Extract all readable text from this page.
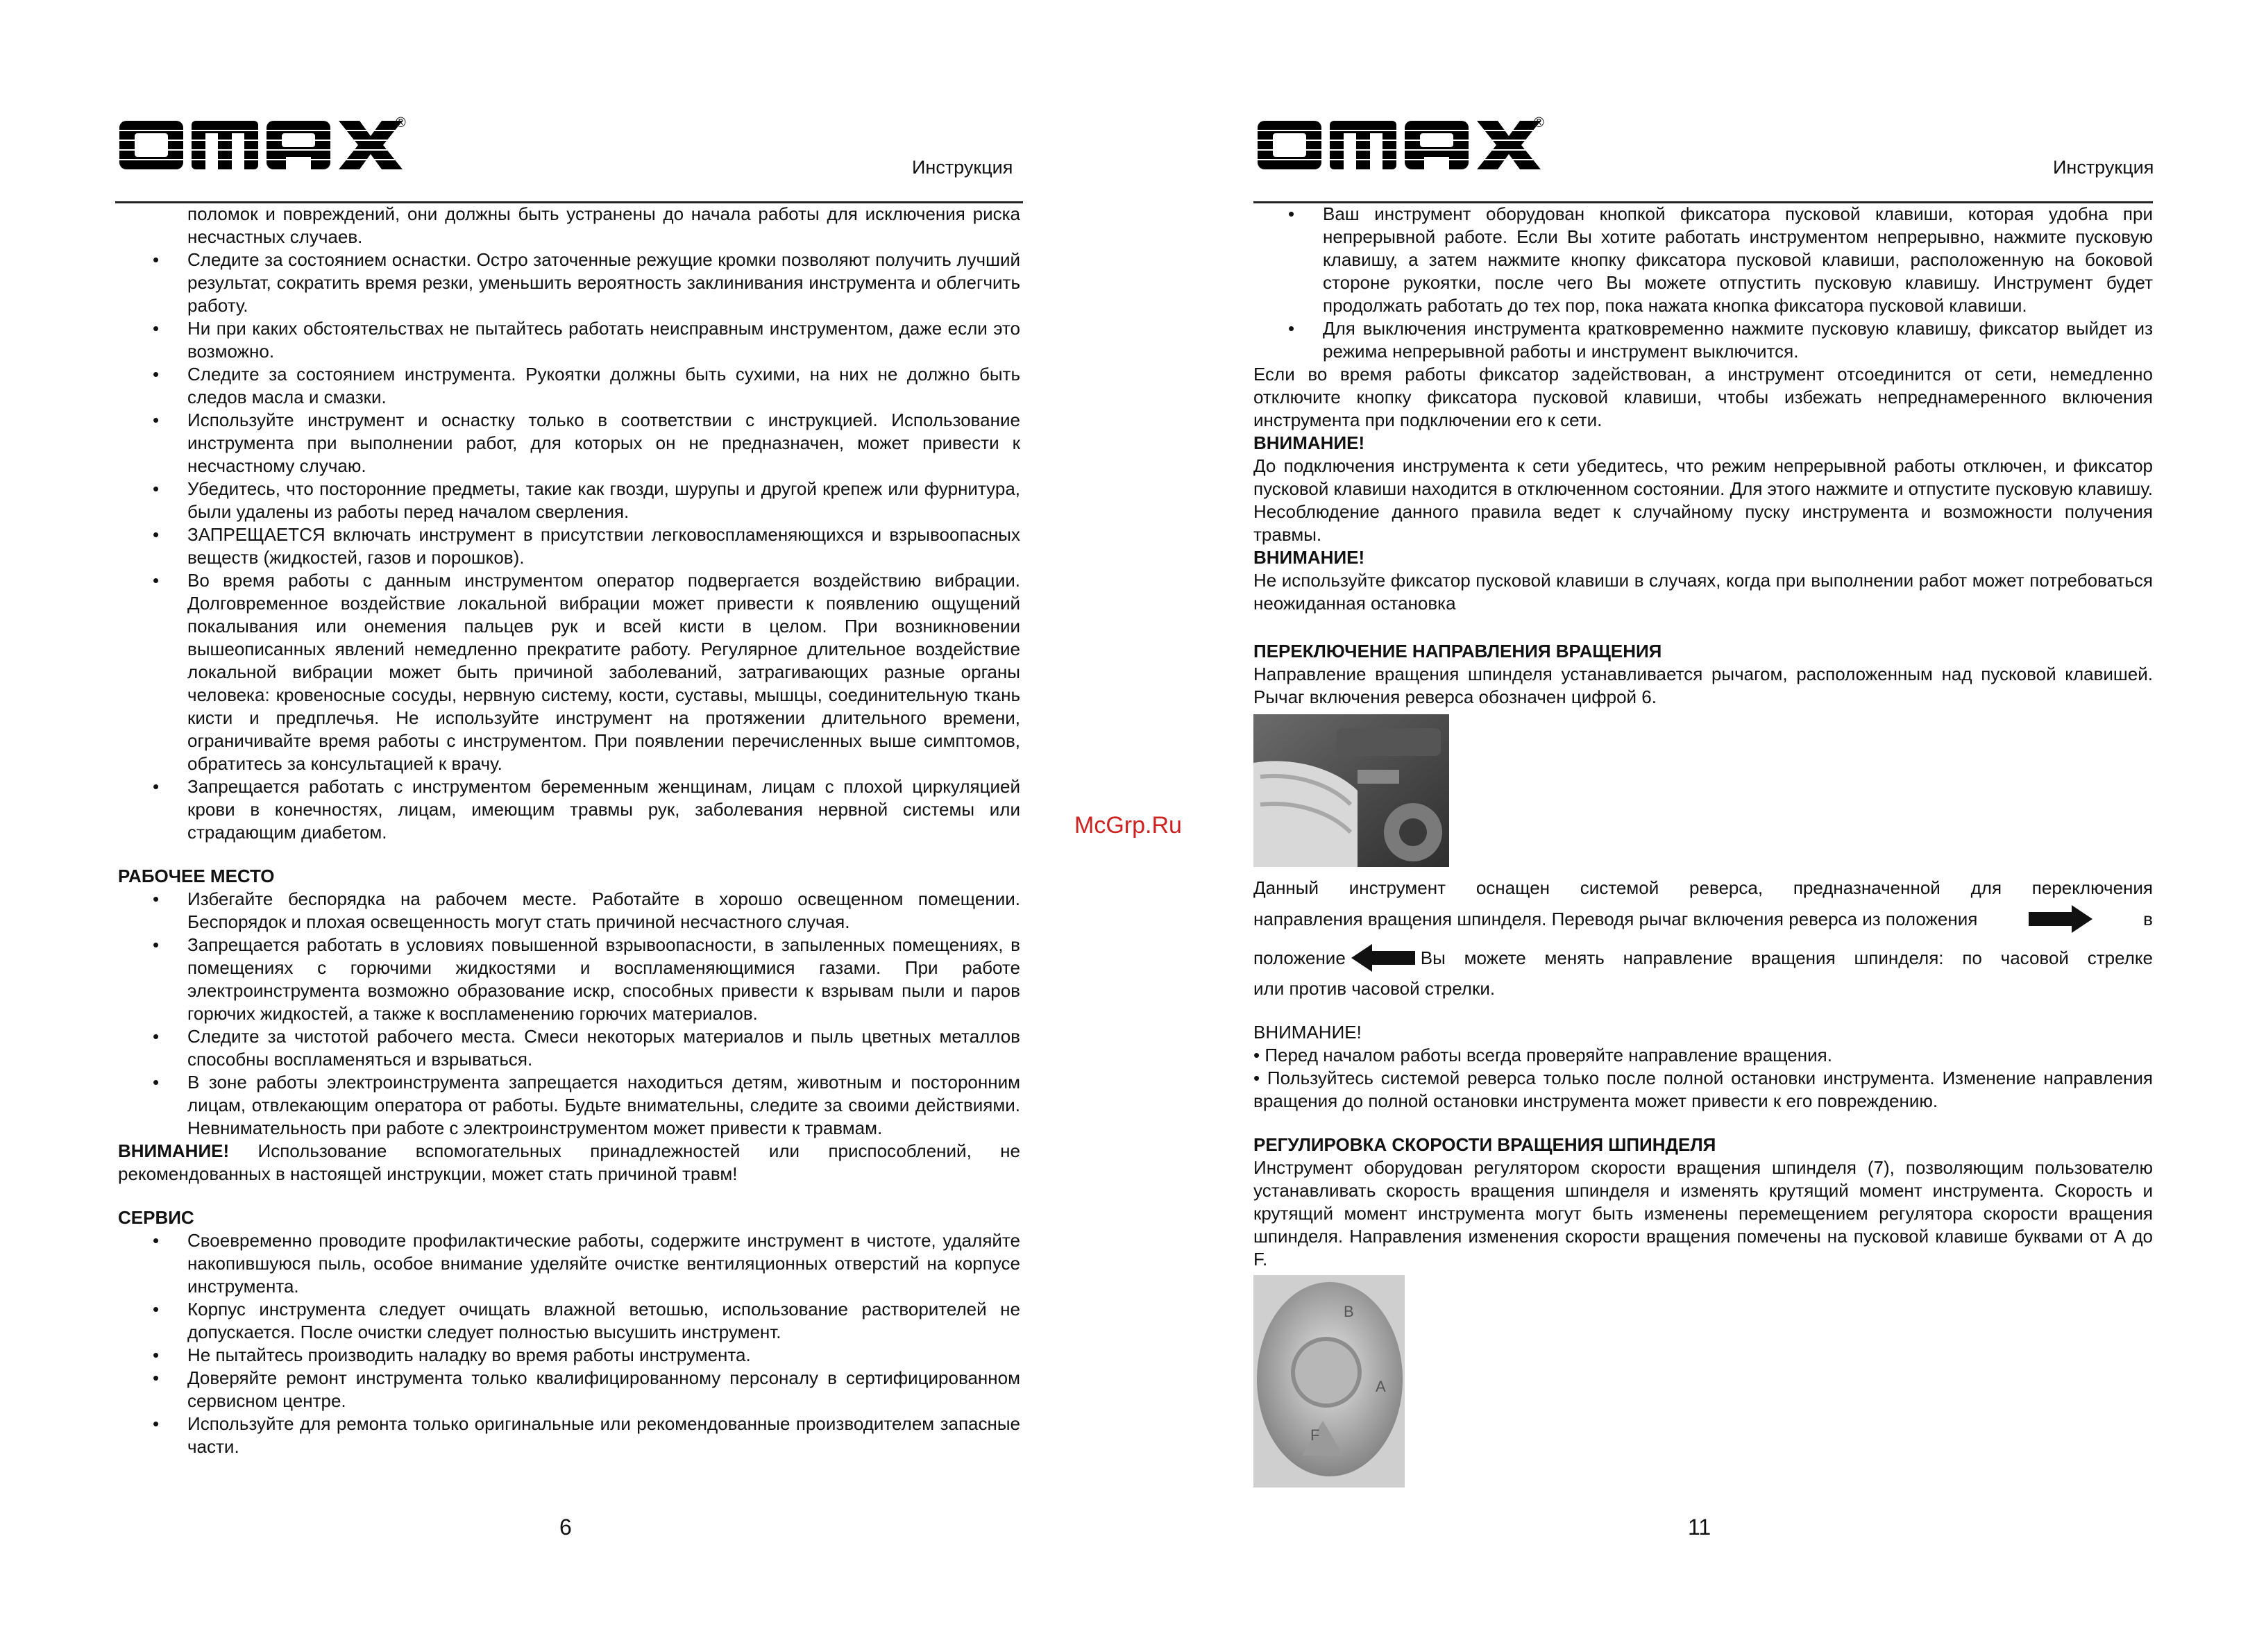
OMAX
®
Инструкция

поломок и повреждений, они должны быть устранены до начала работы для исключения риска несчастных случаев.

• Следите за состоянием оснастки. Остро заточенные режущие кромки позволяют получить лучший результат, сократить время резки, уменьшить вероятность заклинивания инструмента и облегчить работу.
• Ни при каких обстоятельствах не пытайтесь работать неисправным инструментом, даже если это возможно.
• Следите за состоянием инструмента. Рукоятки должны быть сухими, на них не должно быть следов масла и смазки.
• Используйте инструмент и оснастку только в соответствии с инструкцией. Использование инструмента при выполнении работ, для которых он не предназначен, может привести к несчастному случаю.
• Убедитесь, что посторонние предметы, такие как гвозди, шурупы и другой крепеж или фурнитура, были удалены из работы перед началом сверления.
• ЗАПРЕЩАЕТСЯ включать инструмент в присутствии легковоспламеняющихся и взрывоопасных веществ (жидкостей, газов и порошков).
• Во время работы с данным инструментом оператор подвергается воздействию вибрации. Долговременное воздействие локальной вибрации может привести к появлению ощущений покалывания или онемения пальцев рук и всей кисти в целом. При возникновении вышеописанных явлений немедленно прекратите работу. Регулярное длительное воздействие локальной вибрации может быть причиной заболеваний, затрагивающих разные органы человека: кровеносные сосуды, нервную систему, кости, суставы, мышцы, соединительную ткань кисти и предплечья. Не используйте инструмент на протяжении длительного времени, ограничивайте время работы с инструментом. При появлении перечисленных выше симптомов, обратитесь за консультацией к врачу.
• Запрещается работать с инструментом беременным женщинам, лицам с плохой циркуляцией крови в конечностях, лицам, имеющим травмы рук, заболевания нервной системы или страдающим диабетом.

РАБОЧЕЕ МЕСТО

• Избегайте беспорядка на рабочем месте. Работайте в хорошо освещенном помещении. Беспорядок и плохая освещенность могут стать причиной несчастного случая.
• Запрещается работать в условиях повышенной взрывоопасности, в запыленных помещениях, в помещениях с горючими жидкостями и воспламеняющимися газами. При работе электроинструмента возможно образование искр, способных привести к взрывам пыли и паров горючих жидкостей, а также к воспламенению горючих материалов.
• Следите за чистотой рабочего места. Смеси некоторых материалов и пыль цветных металлов способны воспламеняться и взрываться.
• В зоне работы электроинструмента запрещается находиться детям, животным и посторонним лицам, отвлекающим оператора от работы. Будьте внимательны, следите за своими действиями. Невнимательность при работе с электроинструментом может привести к травмам.

ВНИМАНИЕ! Использование вспомогательных принадлежностей или приспособлений, не рекомендованных в настоящей инструкции, может стать причиной травм!

СЕРВИС

• Своевременно проводите профилактические работы, содержите инструмент в чистоте, удаляйте накопившуюся пыль, особое внимание уделяйте очистке вентиляционных отверстий на корпусе инструмента.
• Корпус инструмента следует очищать влажной ветошью, использование растворителей не допускается. После очистки следует полностью высушить инструмент.
• Не пытайтесь производить наладку во время работы инструмента.
• Доверяйте ремонт инструмента только квалифицированному персоналу в сертифицированном сервисном центре.
• Используйте для ремонта только оригинальные или рекомендованные производителем запасные части.
6
McGrp.Ru
OMAX
®
Инструкция
• Ваш инструмент оборудован кнопкой фиксатора пусковой клавиши, которая удобна при непрерывной работе. Если Вы хотите работать инструментом непрерывно, нажмите пусковую клавишу, а затем нажмите кнопку фиксатора пусковой клавиши, расположенную на боковой стороне рукоятки, после чего Вы можете отпустить пусковую клавишу. Инструмент будет продолжать работать до тех пор, пока нажата кнопка фиксатора пусковой клавиши.
• Для выключения инструмента кратковременно нажмите пусковую клавишу, фиксатор выйдет из режима непрерывной работы и инструмент выключится.

Если во время работы фиксатор задействован, а инструмент отсоединится от сети, немедленно отключите кнопку фиксатора пусковой клавиши, чтобы избежать непреднамеренного включения инструмента при подключении его к сети.

ВНИМАНИЕ!

До подключения инструмента к сети убедитесь, что режим непрерывной работы отключен, и фиксатор пусковой клавиши находится в отключенном состоянии. Для этого нажмите и отпустите пусковую клавишу. Несоблюдение данного правила ведет к случайному пуску инструмента и возможности получения травмы.

ВНИМАНИЕ!

Не используйте фиксатор пусковой клавиши в случаях, когда при выполнении работ может потребоваться неожиданная остановка

ПЕРЕКЛЮЧЕНИЕ НАПРАВЛЕНИЯ ВРАЩЕНИЯ

Направление вращения шпинделя устанавливается рычагом, расположенным над пусковой клавишей. Рычаг включения реверса обозначен цифрой 6.

Данный инструмент оснащен системой реверса, предназначенной для переключения

направления вращения шпинделя. Переводя рычаг включения реверса из положения	в

положение	Вы можете менять направление вращения шпинделя: по часовой стрелке

или против часовой стрелки.

ВНИМАНИЕ!

• Перед началом работы всегда проверяйте направление вращения.

• Пользуйтесь системой реверса только после полной остановки инструмента. Изменение направления вращения до полной остановки инструмента может привести к его повреждению.

РЕГУЛИРОВКА СКОРОСТИ ВРАЩЕНИЯ ШПИНДЕЛЯ

Инструмент оборудован регулятором скорости вращения шпинделя (7), позволяющим пользователю устанавливать скорость вращения шпинделя и изменять крутящий момент инструмента. Скорость и крутящий момент инструмента могут быть изменены перемещением регулятора скорости вращения шпинделя. Направления изменения скорости вращения помечены на пусковой клавише буквами от А до F.

B
A
F
11
